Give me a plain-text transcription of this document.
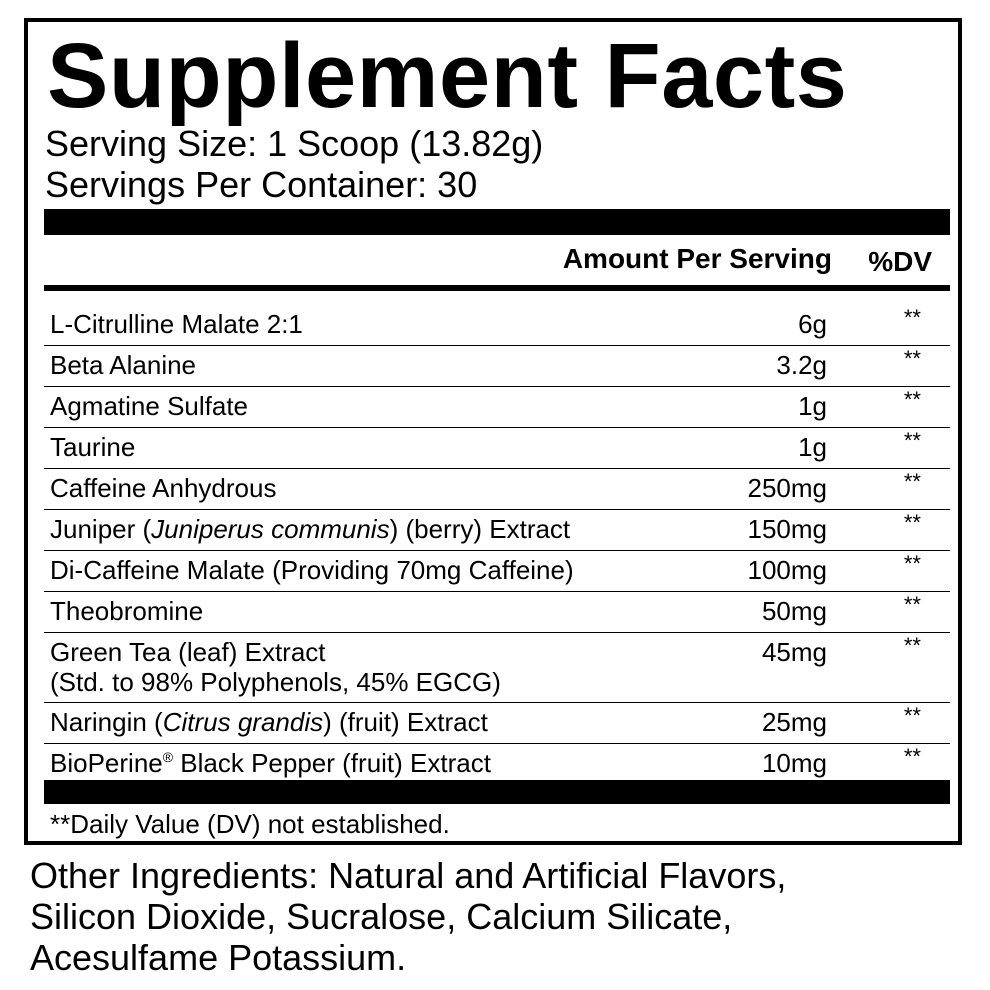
Supplement Facts
Serving Size: 1 Scoop (13.82g)
Servings Per Container: 30
Amount Per Serving %DV
L-Citrulline Malate 2:1	6g	**
Beta Alanine	3.2g	**
Agmatine Sulfate	1g	**
Taurine	1g	**
Caffeine Anhydrous	250mg	**
Juniper (Juniperus communis) (berry) Extract	150mg	**
Di-Caffeine Malate (Providing 70mg Caffeine)	100mg	**
Theobromine	50mg	**
Green Tea (leaf) Extract
(Std. to 98% Polyphenols, 45% EGCG)
45mg	**
Naringin (Citrus grandis) (fruit) Extract	25mg	**
BioPerine® Black Pepper (fruit) Extract	10mg	**
**Daily Value (DV) not established.

Other Ingredients: Natural and Artificial Flavors,
Silicon Dioxide, Sucralose, Calcium Silicate,
Acesulfame Potassium.
